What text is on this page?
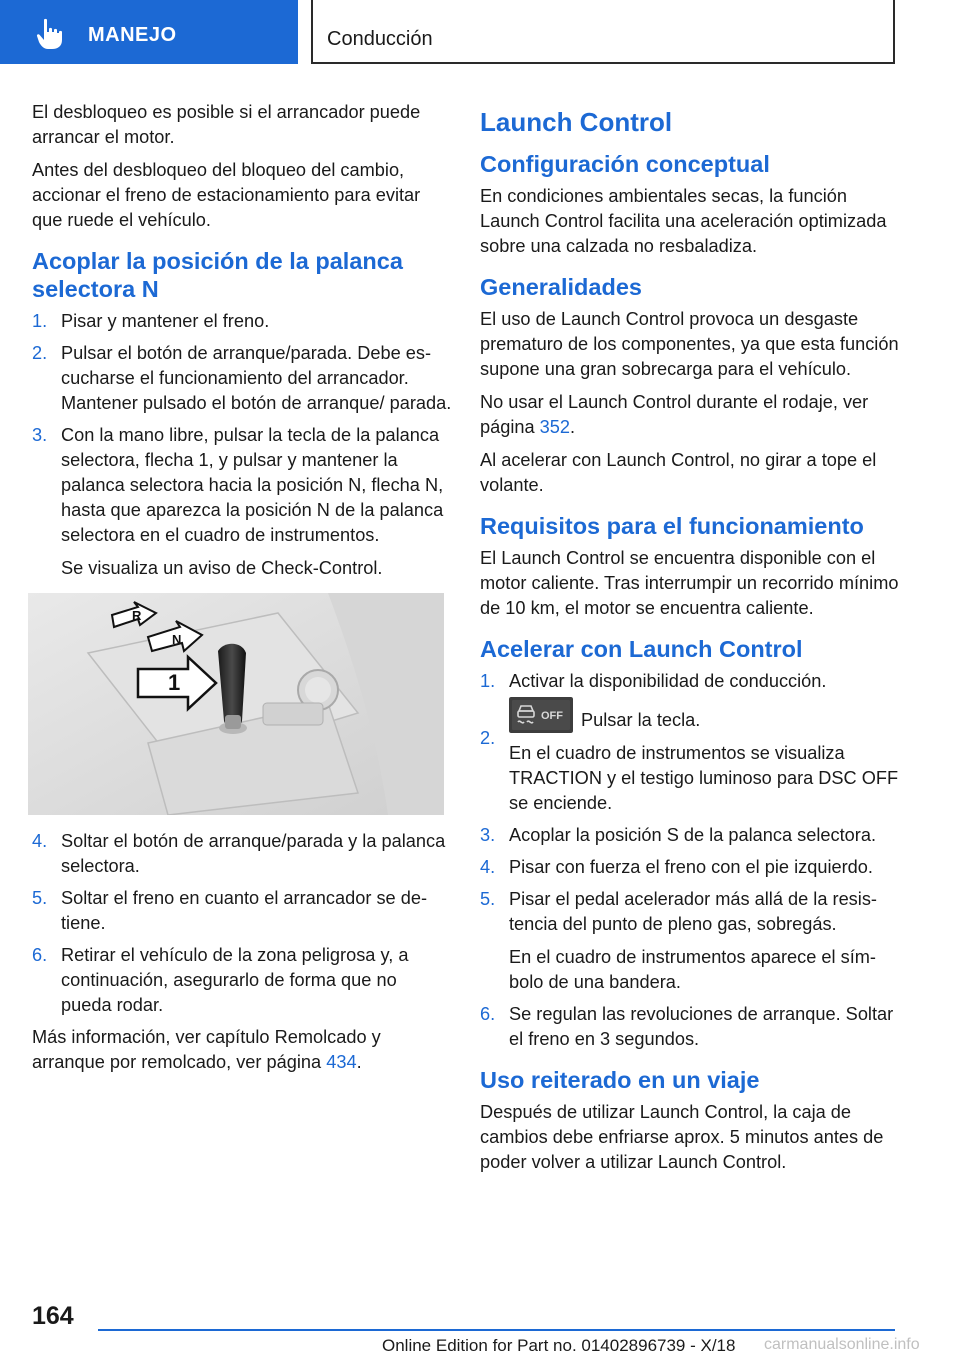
MANEJO	Conducción

El desbloqueo es posible si el arrancador puede arrancar el motor.

Antes del desbloqueo del bloqueo del cambio, accionar el freno de estacionamiento para evitar que ruede el vehículo.

Acoplar la posición de la palanca selectora N
1. Pisar y mantener el freno.
2. Pulsar el botón de arranque/parada. Debe escucharse el funcionamiento del arrancador. Mantener pulsado el botón de arranque/ parada.
3. Con la mano libre, pulsar la tecla de la palanca selectora, flecha 1, y pulsar y mantener la palanca selectora hacia la posición N, flecha N, hasta que aparezca la posición N de la palanca selectora en el cuadro de instrumentos.
Se visualiza un aviso de Check-Control.
R
N
1
4. Soltar el botón de arranque/parada y la palanca selectora.
5. Soltar el freno en cuanto el arrancador se detiene.
6. Retirar el vehículo de la zona peligrosa y, a continuación, asegurarlo de forma que no pueda rodar.

Más información, ver capítulo Remolcado y arranque por remolcado, ver página 434.

Launch Control
Configuración conceptual

En condiciones ambientales secas, la función Launch Control facilita una aceleración optimizada sobre una calzada no resbaladiza.

Generalidades

El uso de Launch Control provoca un desgaste prematuro de los componentes, ya que esta función supone una gran sobrecarga para el vehículo.

No usar el Launch Control durante el rodaje, ver página 352.

Al acelerar con Launch Control, no girar a tope el volante.

Requisitos para el funcionamiento

El Launch Control se encuentra disponible con el motor caliente. Tras interrumpir un recorrido mínimo de 10 km, el motor se encuentra caliente.

Acelerar con Launch Control
1. Activar la disponibilidad de conducción.
2.
OFF Pulsar la tecla.
En el cuadro de instrumentos se visualiza TRACTION y el testigo luminoso para DSC OFF se enciende.
3. Acoplar la posición S de la palanca selectora.
4. Pisar con fuerza el freno con el pie izquierdo.
5. Pisar el pedal acelerador más allá de la resistencia del punto de pleno gas, sobregás.
En el cuadro de instrumentos aparece el símbolo de una bandera.
6. Se regulan las revoluciones de arranque. Soltar el freno en 3 segundos.
Uso reiterado en un viaje

Después de utilizar Launch Control, la caja de cambios debe enfriarse aprox. 5 minutos antes de poder volver a utilizar Launch Control.

164
Online Edition for Part no. 01402896739 - X/18 carmanualsonline.info
